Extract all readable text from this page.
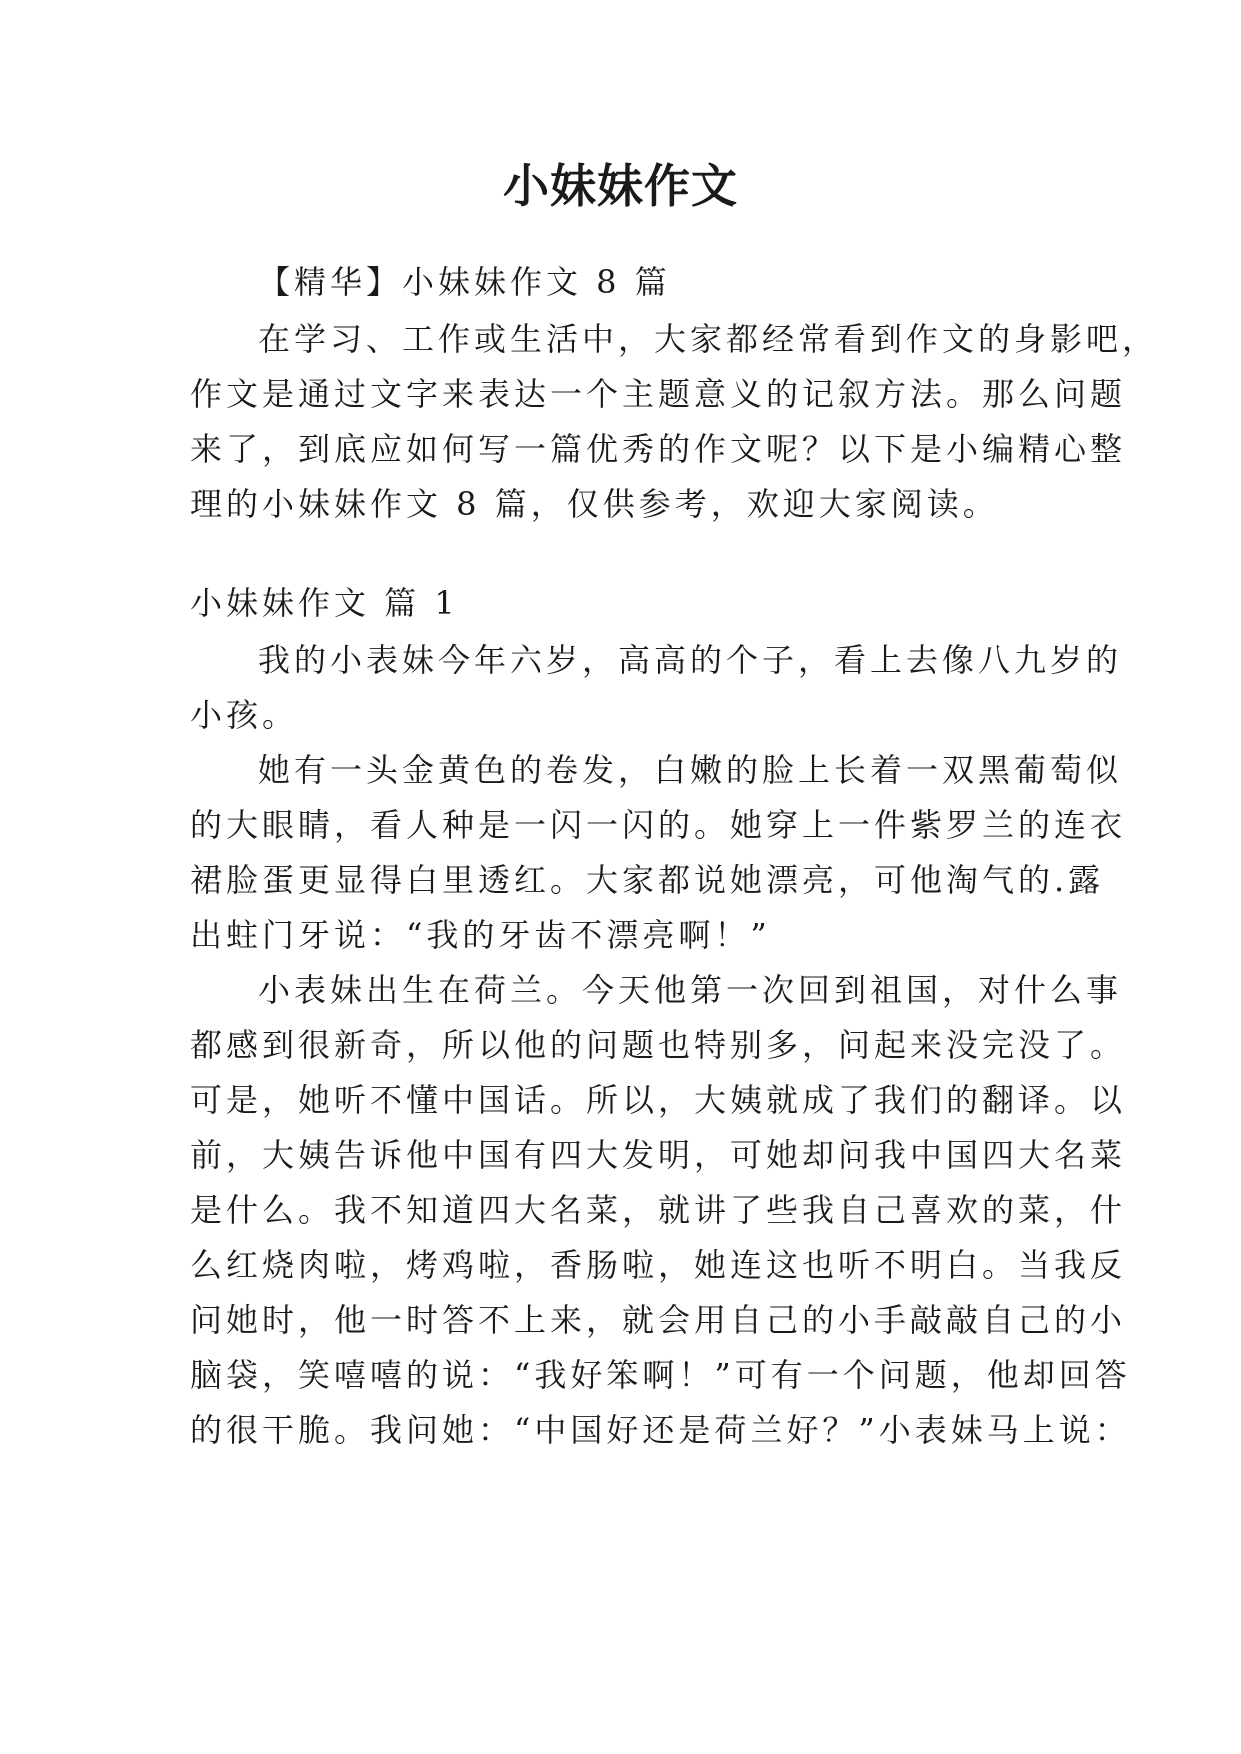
小妹妹作文

【精华】小妹妹作文 8 篇

在学习、工作或生活中，大家都经常看到作文的身影吧，

作文是通过文字来表达一个主题意义的记叙方法。那么问题

来了，到底应如何写一篇优秀的作文呢？以下是小编精心整

理的小妹妹作文 8 篇，仅供参考，欢迎大家阅读。

小妹妹作文 篇 1

我的小表妹今年六岁，高高的个子，看上去像八九岁的

小孩。

她有一头金黄色的卷发，白嫩的脸上长着一双黑葡萄似

的大眼睛，看人种是一闪一闪的。她穿上一件紫罗兰的连衣

裙脸蛋更显得白里透红。大家都说她漂亮，可他淘气的.露

出蛀门牙说：“我的牙齿不漂亮啊！”

小表妹出生在荷兰。今天他第一次回到祖国，对什么事

都感到很新奇，所以他的问题也特别多，问起来没完没了。

可是，她听不懂中国话。所以，大姨就成了我们的翻译。以

前，大姨告诉他中国有四大发明，可她却问我中国四大名菜

是什么。我不知道四大名菜，就讲了些我自己喜欢的菜，什

么红烧肉啦，烤鸡啦，香肠啦，她连这也听不明白。当我反

问她时，他一时答不上来，就会用自己的小手敲敲自己的小

脑袋，笑嘻嘻的说：“我好笨啊！”可有一个问题，他却回答

的很干脆。我问她：“中国好还是荷兰好？”小表妹马上说：
